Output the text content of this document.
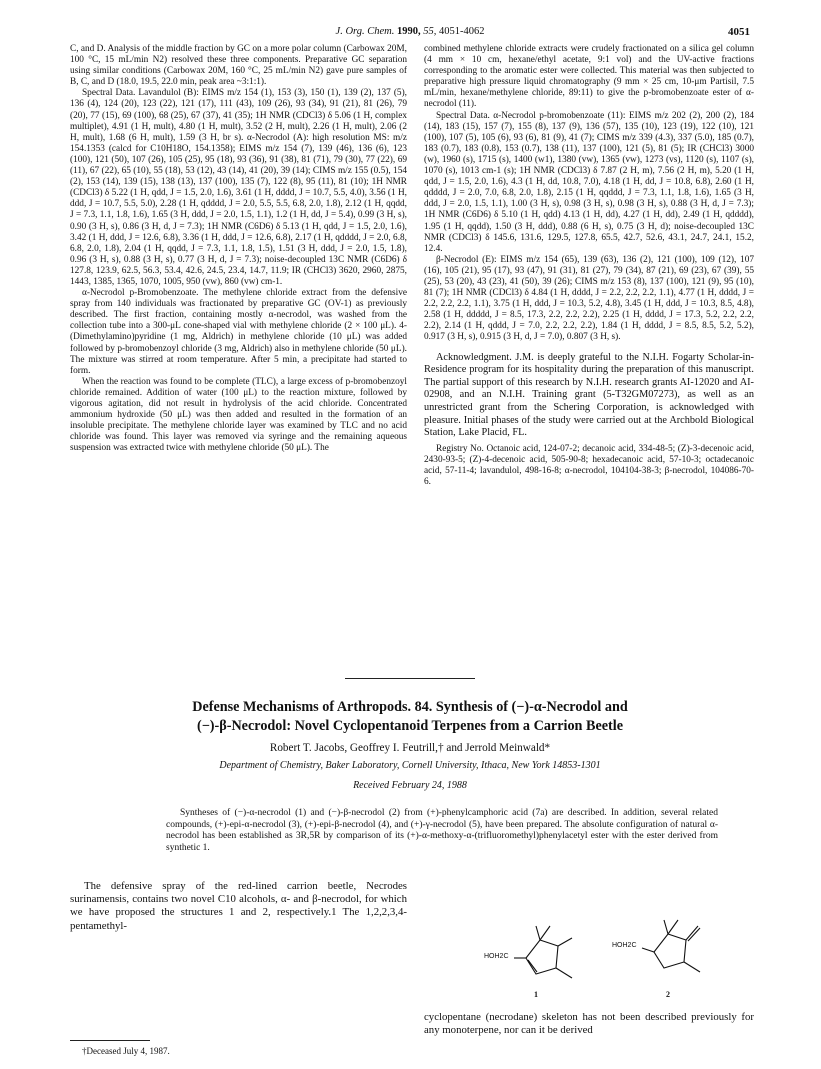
J. Org. Chem. 1990, 55, 4051-4062	4051

C, and D. Analysis of the middle fraction by GC on a more polar column (Carbowax 20M, 100 °C, 15 mL/min N2) resolved these three components. Preparative GC separation using similar conditions (Carbowax 20M, 160 °C, 25 mL/min N2) gave pure samples of B, C, and D (18.0, 19.5, 22.0 min, peak area ~3:1:1).

Spectral Data. Lavandulol (B): EIMS m/z 154 (1), 153 (3), 150 (1), 139 (2), 137 (5), 136 (4), 124 (20), 123 (22), 121 (17), 111 (43), 109 (26), 93 (34), 91 (21), 81 (26), 79 (20), 77 (15), 69 (100), 68 (25), 67 (37), 41 (35); 1H NMR (CDCl3) δ 5.06 (1 H, complex multiplet), 4.91 (1 H, mult), 4.80 (1 H, mult), 3.52 (2 H, mult), 2.26 (1 H, mult), 2.06 (2 H, mult), 1.68 (6 H, mult), 1.59 (3 H, br s). α-Necrodol (A): high resolution MS: m/z 154.1353 (calcd for C10H18O, 154.1358); EIMS m/z 154 (7), 139 (46), 136 (6), 123 (100), 121 (50), 107 (26), 105 (25), 95 (18), 93 (36), 91 (38), 81 (71), 79 (30), 77 (22), 69 (11), 67 (22), 65 (10), 55 (18), 53 (12), 43 (14), 41 (20), 39 (14); CIMS m/z 155 (0.5), 154 (2), 153 (14), 139 (15), 138 (13), 137 (100), 135 (7), 122 (8), 95 (11), 81 (10); 1H NMR (CDCl3) δ 5.22 (1 H, qdd, J = 1.5, 2.0, 1.6), 3.61 (1 H, dddd, J = 10.7, 5.5, 4.0), 3.56 (1 H, ddd, J = 10.7, 5.5, 5.0), 2.28 (1 H, qdddd, J = 2.0, 5.5, 5.5, 6.8, 2.0, 1.8), 2.12 (1 H, qqdd, J = 7.3, 1.1, 1.8, 1.6), 1.65 (3 H, ddd, J = 2.0, 1.5, 1.1), 1.2 (1 H, dd, J = 5.4), 0.99 (3 H, s), 0.90 (3 H, s), 0.86 (3 H, d, J = 7.3); 1H NMR (C6D6) δ 5.13 (1 H, qdd, J = 1.5, 2.0, 1.6), 3.42 (1 H, ddd, J = 12.6, 6.8), 3.36 (1 H, ddd, J = 12.6, 6.8), 2.17 (1 H, qdddd, J = 2.0, 6.8, 6.8, 2.0, 1.8), 2.04 (1 H, qqdd, J = 7.3, 1.1, 1.8, 1.5), 1.51 (3 H, ddd, J = 2.0, 1.5, 1.8), 0.96 (3 H, s), 0.88 (3 H, s), 0.77 (3 H, d, J = 7.3); noise-decoupled 13C NMR (C6D6) δ 127.8, 123.9, 62.5, 56.3, 53.4, 42.6, 24.5, 23.4, 14.7, 11.9; IR (CHCl3) 3620, 2960, 2875, 1443, 1385, 1365, 1070, 1005, 950 (vw), 860 (vw) cm-1.

α-Necrodol p-Bromobenzoate. The methylene chloride extract from the defensive spray from 140 individuals was fractionated by preparative GC (OV-1) as previously described. The first fraction, containing mostly α-necrodol, was washed from the collection tube into a 300-μL cone-shaped vial with methylene chloride (2 × 100 μL). 4-(Dimethylamino)pyridine (1 mg, Aldrich) in methylene chloride (10 μL) was added followed by p-bromobenzoyl chloride (3 mg, Aldrich) also in methylene chloride (50 μL). The mixture was stirred at room temperature. After 5 min, a precipitate had started to form.

When the reaction was found to be complete (TLC), a large excess of p-bromobenzoyl chloride remained. Addition of water (100 μL) to the reaction mixture, followed by vigorous agitation, did not result in hydrolysis of the acid chloride. Concentrated ammonium hydroxide (50 μL) was then added and resulted in the formation of an insoluble precipitate. The methylene chloride layer was examined by TLC and no acid chloride was found. This layer was removed via syringe and the remaining aqueous suspension was extracted twice with methylene chloride (50 μL). The

combined methylene chloride extracts were crudely fractionated on a silica gel column (4 mm × 10 cm, hexane/ethyl acetate, 9:1 vol) and the UV-active fractions corresponding to the aromatic ester were collected. This material was then subjected to preparative high pressure liquid chromatography (9 mm × 25 cm, 10-μm Partisil, 7.5 mL/min, hexane/methylene chloride, 89:11) to give the p-bromobenzoate ester of α-necrodol (11).

Spectral Data. α-Necrodol p-bromobenzoate (11): EIMS m/z 202 (2), 200 (2), 184 (14), 183 (15), 157 (7), 155 (8), 137 (9), 136 (57), 135 (10), 123 (19), 122 (10), 121 (100), 107 (5), 105 (6), 93 (6), 81 (9), 41 (7); CIMS m/z 339 (4.3), 337 (5.0), 185 (0.7), 183 (0.7), 183 (0.8), 153 (0.7), 138 (11), 137 (100), 121 (5), 81 (5); IR (CHCl3) 3000 (w), 1960 (s), 1715 (s), 1400 (w1), 1380 (vw), 1365 (vw), 1273 (vs), 1120 (s), 1107 (s), 1070 (s), 1013 cm-1 (s); 1H NMR (CDCl3) δ 7.87 (2 H, m), 7.56 (2 H, m), 5.20 (1 H, qdd, J = 1.5, 2.0, 1.6), 4.3 (1 H, dd, 10.8, 7.0), 4.18 (1 H, dd, J = 10.8, 6.8), 2.60 (1 H, qdddd, J = 2.0, 7.0, 6.8, 2.0, 1.8), 2.15 (1 H, qqddd, J = 7.3, 1.1, 1.8, 1.6), 1.65 (3 H, ddd, J = 2.0, 1.5, 1.1), 1.00 (3 H, s), 0.98 (3 H, s), 0.98 (3 H, s), 0.88 (3 H, d, J = 7.3); 1H NMR (C6D6) δ 5.10 (1 H, qdd) 4.13 (1 H, dd), 4.27 (1 H, dd), 2.49 (1 H, qdddd), 1.95 (1 H, qqdd), 1.50 (3 H, ddd), 0.88 (6 H, s), 0.75 (3 H, d); noise-decoupled 13C NMR (CDCl3) δ 145.6, 131.6, 129.5, 127.8, 65.5, 42.7, 52.6, 43.1, 24.7, 24.1, 15.2, 12.4.

β-Necrodol (E): EIMS m/z 154 (65), 139 (63), 136 (2), 121 (100), 109 (12), 107 (16), 105 (21), 95 (17), 93 (47), 91 (31), 81 (27), 79 (34), 87 (21), 69 (23), 67 (39), 55 (25), 53 (20), 43 (23), 41 (50), 39 (26); CIMS m/z 153 (8), 137 (100), 121 (9), 95 (10), 81 (7); 1H NMR (CDCl3) δ 4.84 (1 H, dddd, J = 2.2, 2.2, 2.2, 1.1), 4.77 (1 H, dddd, J = 2.2, 2.2, 2.2, 1.1), 3.75 (1 H, ddd, J = 10.3, 5.2, 4.8), 3.45 (1 H, ddd, J = 10.3, 8.5, 4.8), 2.58 (1 H, ddddd, J = 8.5, 17.3, 2.2, 2.2, 2.2), 2.25 (1 H, dddd, J = 17.3, 5.2, 2.2, 2.2, 2.2), 2.14 (1 H, qddd, J = 7.0, 2.2, 2.2, 2.2), 1.84 (1 H, dddd, J = 8.5, 8.5, 5.2, 5.2), 0.917 (3 H, s), 0.915 (3 H, d, J = 7.0), 0.807 (3 H, s).

Acknowledgment. J.M. is deeply grateful to the N.I.H. Fogarty Scholar-in-Residence program for its hospitality during the preparation of this manuscript. The partial support of this research by N.I.H. research grants AI-12020 and AI-02908, and an N.I.H. Training grant (5-T32GM07273), as well as an unrestricted grant from the Schering Corporation, is acknowledged with pleasure. Initial phases of the study were carried out at the Archbold Biological Station, Lake Placid, FL.

Registry No. Octanoic acid, 124-07-2; decanoic acid, 334-48-5; (Z)-3-decenoic acid, 2430-93-5; (Z)-4-decenoic acid, 505-90-8; hexadecanoic acid, 57-10-3; octadecanoic acid, 57-11-4; lavandulol, 498-16-8; α-necrodol, 104104-38-3; β-necrodol, 104086-70-6.

Defense Mechanisms of Arthropods. 84. Synthesis of (−)-α-Necrodol and
(−)-β-Necrodol: Novel Cyclopentanoid Terpenes from a Carrion Beetle
Robert T. Jacobs, Geoffrey I. Feutrill,† and Jerrold Meinwald*
Department of Chemistry, Baker Laboratory, Cornell University, Ithaca, New York 14853-1301
Received February 24, 1988
Syntheses of (−)-α-necrodol (1) and (−)-β-necrodol (2) from (+)-phenylcamphoric acid (7a) are described. In addition, several related compounds, (+)-epi-α-necrodol (3), (+)-epi-β-necrodol (4), and (+)-γ-necrodol (5), have been prepared. The absolute configuration of natural α-necrodol has been established as 3R,5R by comparison of its (+)-α-methoxy-α-(trifluoromethyl)phenylacetyl ester with the ester derived from synthetic 1.
The defensive spray of the red-lined carrion beetle, Necrodes surinamensis, contains two novel C10 alcohols, α- and β-necrodol, for which we have proposed the structures 1 and 2, respectively.1 The 1,2,2,3,4-pentamethyl-
cyclopentane (necrodane) skeleton has not been described previously for any monoterpene, nor can it be derived
HOH2C
1
HOH2C
2
†Deceased July 4, 1987.
